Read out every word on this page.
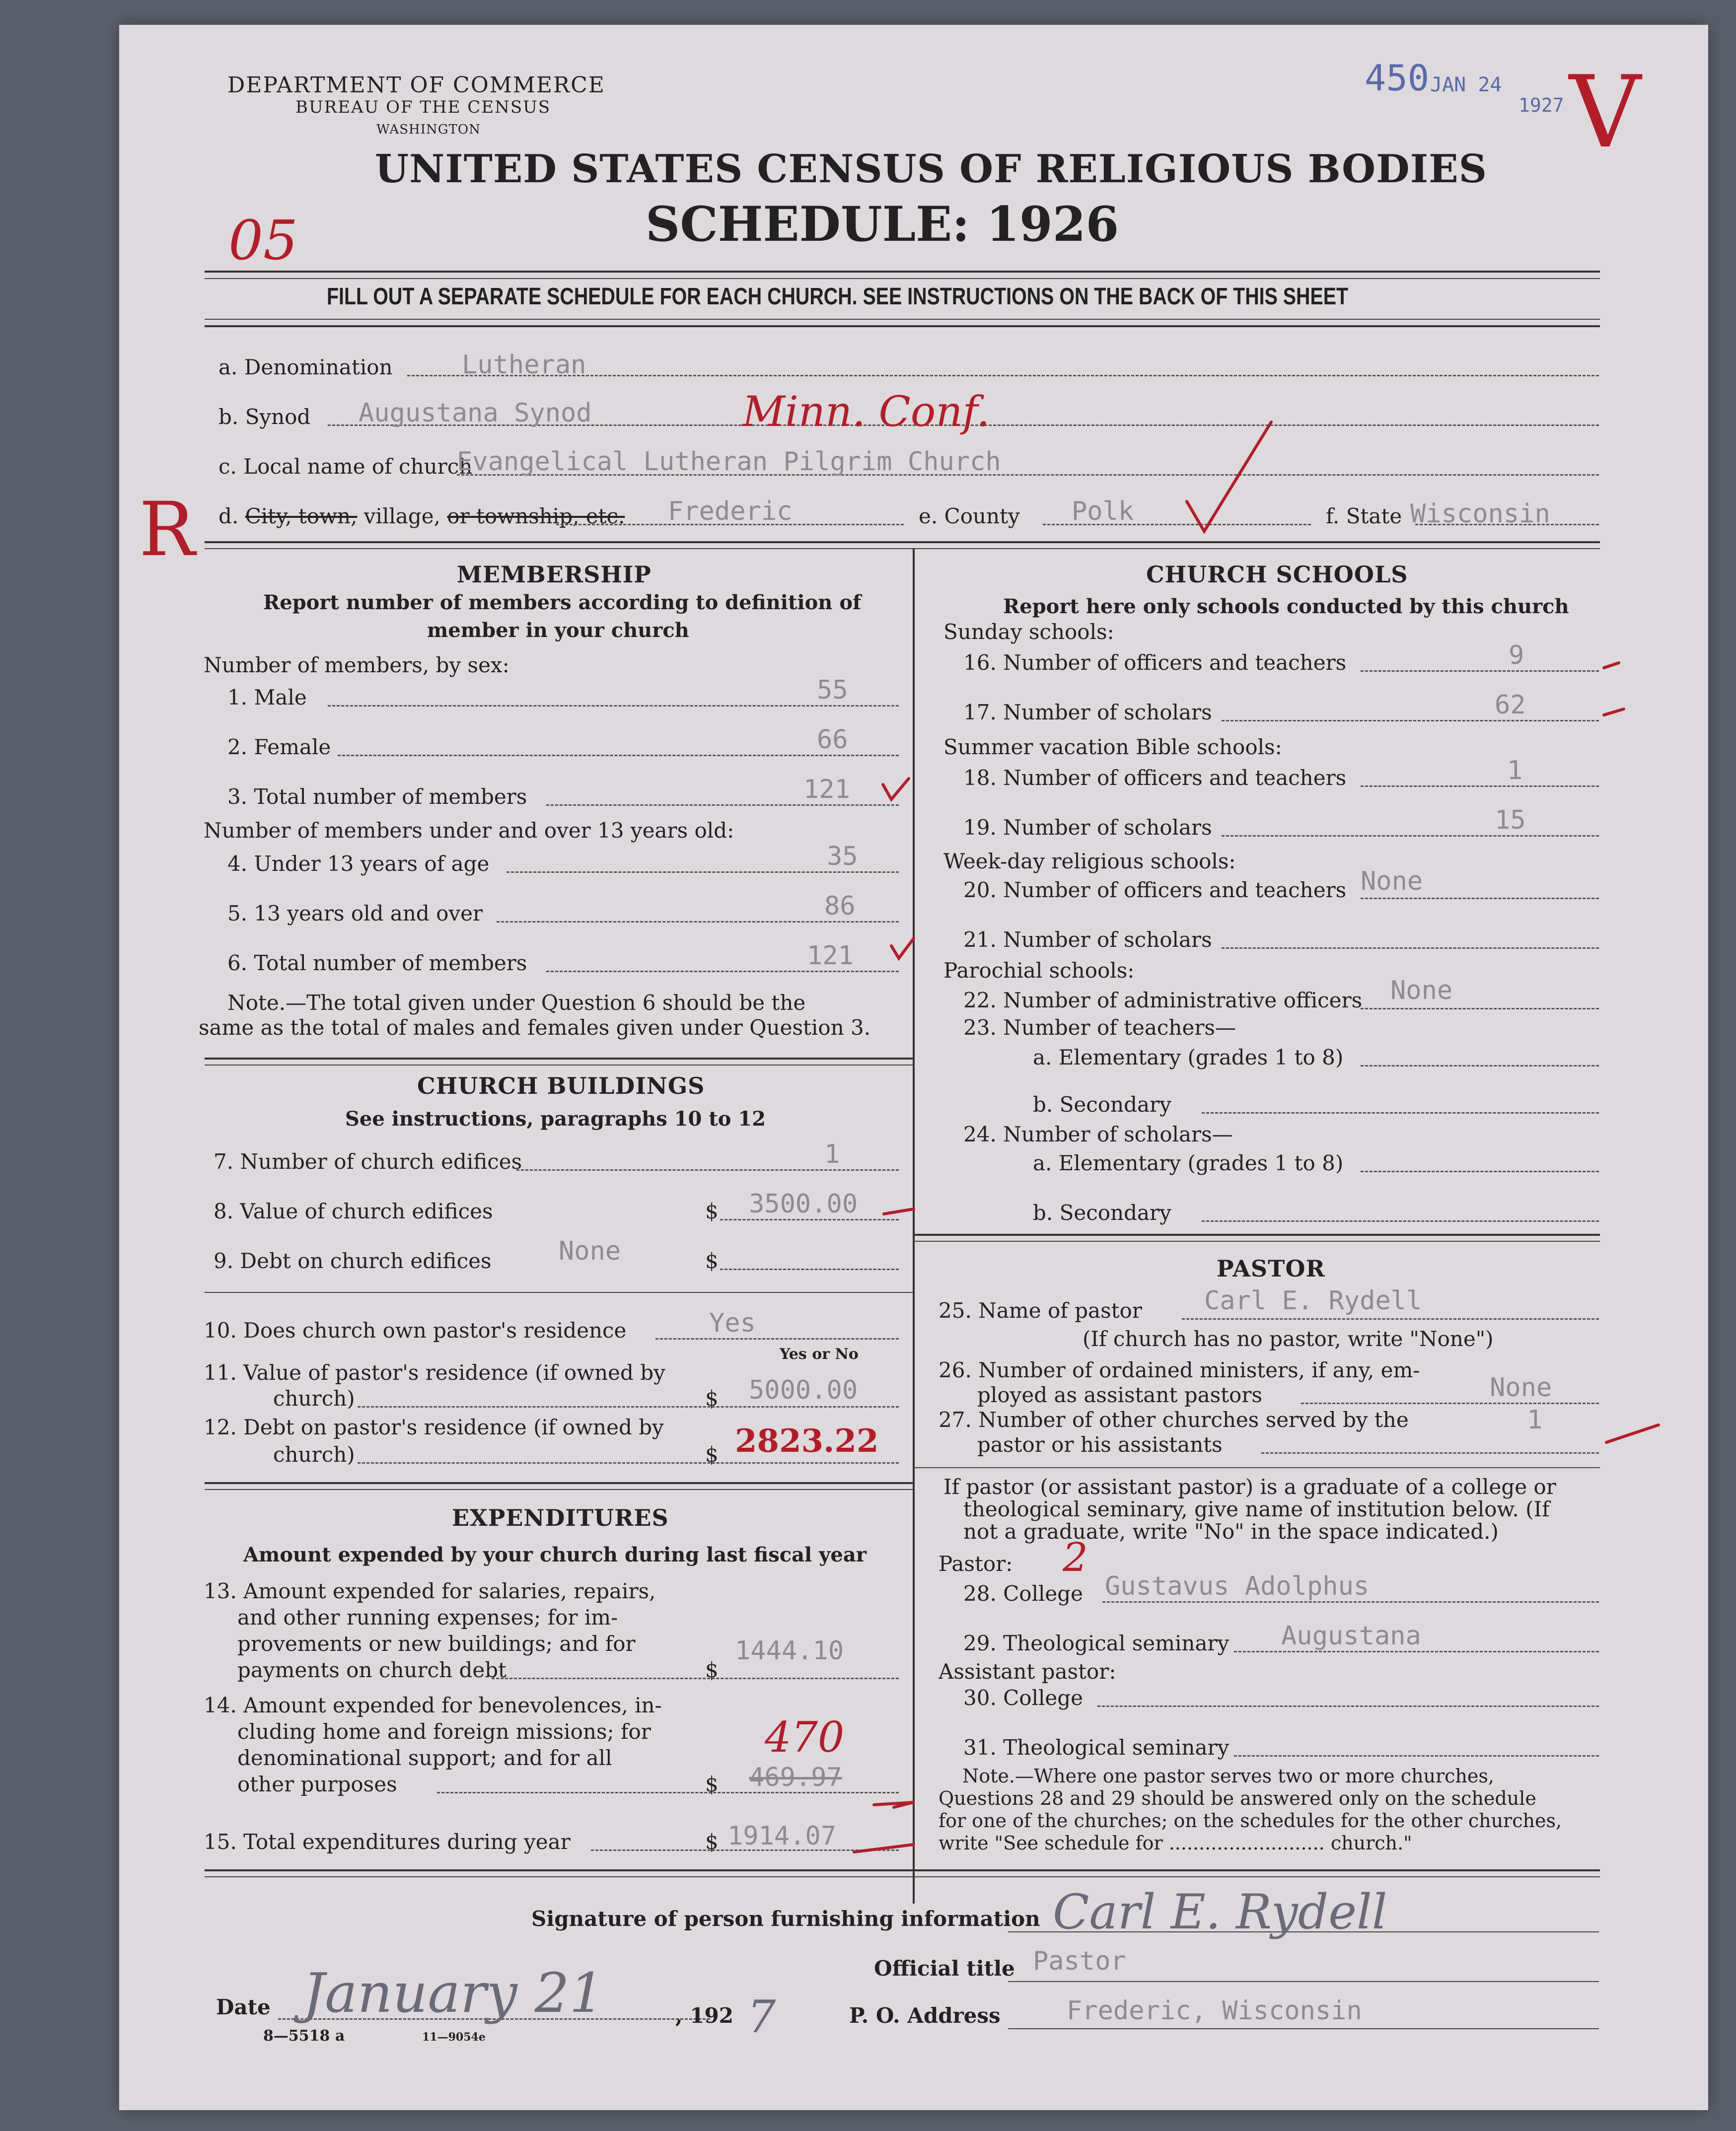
DEPARTMENT OF COMMERCE
BUREAU OF THE CENSUS
WASHINGTON
450 JAN 24
1927 V
UNITED STATES CENSUS OF RELIGIOUS BODIES
SCHEDULE: 1926
05
FILL OUT A SEPARATE SCHEDULE FOR EACH CHURCH. SEE INSTRUCTIONS ON THE BACK OF THIS SHEET
a. Denomination	Lutheran
b. Synod Augustana Synod	Minn. Conf.
c. Local name of church
Evangelical Lutheran Pilgrim Church
R d. City, town, village, or township, etc. Frederic	e. County Polk	f. State Wisconsin
MEMBERSHIP
Report number of members according to definition of
member in your church
Number of members, by sex:
1. Male	55
2. Female	66
3. Total number of members	121
Number of members under and over 13 years old:
4. Under 13 years of age	35
5. 13 years old and over	86
6. Total number of members	121
Note.—The total given under Question 6 should be the
same as the total of males and females given under Question 3.
CHURCH BUILDINGS
See instructions, paragraphs 10 to 12
7. Number of church edifices	1
8. Value of church edifices	$ 3500.00
9. Debt on church edifices	$
None
10. Does church own pastor's residence	Yes
Yes or No
11. Value of pastor's residence (if owned by
church)	$ 5000.00
12. Debt on pastor's residence (if owned by
church)	$ 2823.22
EXPENDITURES
Amount expended by your church during last fiscal year
13. Amount expended for salaries, repairs,
and other running expenses; for im-
provements or new buildings; and for
payments on church debt	$
1444.10
14. Amount expended for benevolences, in-
cluding home and foreign missions; for
denominational support; and for all
other purposes	$ 469.97
470
15. Total expenditures during year	$ 1914.07
CHURCH SCHOOLS
Report here only schools conducted by this church
Sunday schools:
16. Number of officers and teachers	9
17. Number of scholars	62
Summer vacation Bible schools:
18. Number of officers and teachers	1
19. Number of scholars	15
Week-day religious schools:
20. Number of officers and teachers None
21. Number of scholars
Parochial schools:
22. Number of administrative officers None
23. Number of teachers—
a. Elementary (grades 1 to 8)
b. Secondary
24. Number of scholars—
a. Elementary (grades 1 to 8)
b. Secondary
PASTOR
25. Name of pastor Carl E. Rydell
(If church has no pastor, write "None")
26. Number of ordained ministers, if any, em-
ployed as assistant pastors	None
27. Number of other churches served by the
pastor or his assistants
1
If pastor (or assistant pastor) is a graduate of a college or
theological seminary, give name of institution below. (If
not a graduate, write "No" in the space indicated.)
Pastor: 2
28. College Gustavus Adolphus
29. Theological seminary Augustana
Assistant pastor:
30. College
31. Theological seminary
Note.—Where one pastor serves two or more churches,
Questions 28 and 29 should be answered only on the schedule
for one of the churches; on the schedules for the other churches,
write "See schedule for .......................... church."
Signature of person furnishing information Carl E. Rydell
Official title Pastor
Date January 21	, 192 7	P. O. Address	Frederic, Wisconsin
8—5518 a	11—9054e
